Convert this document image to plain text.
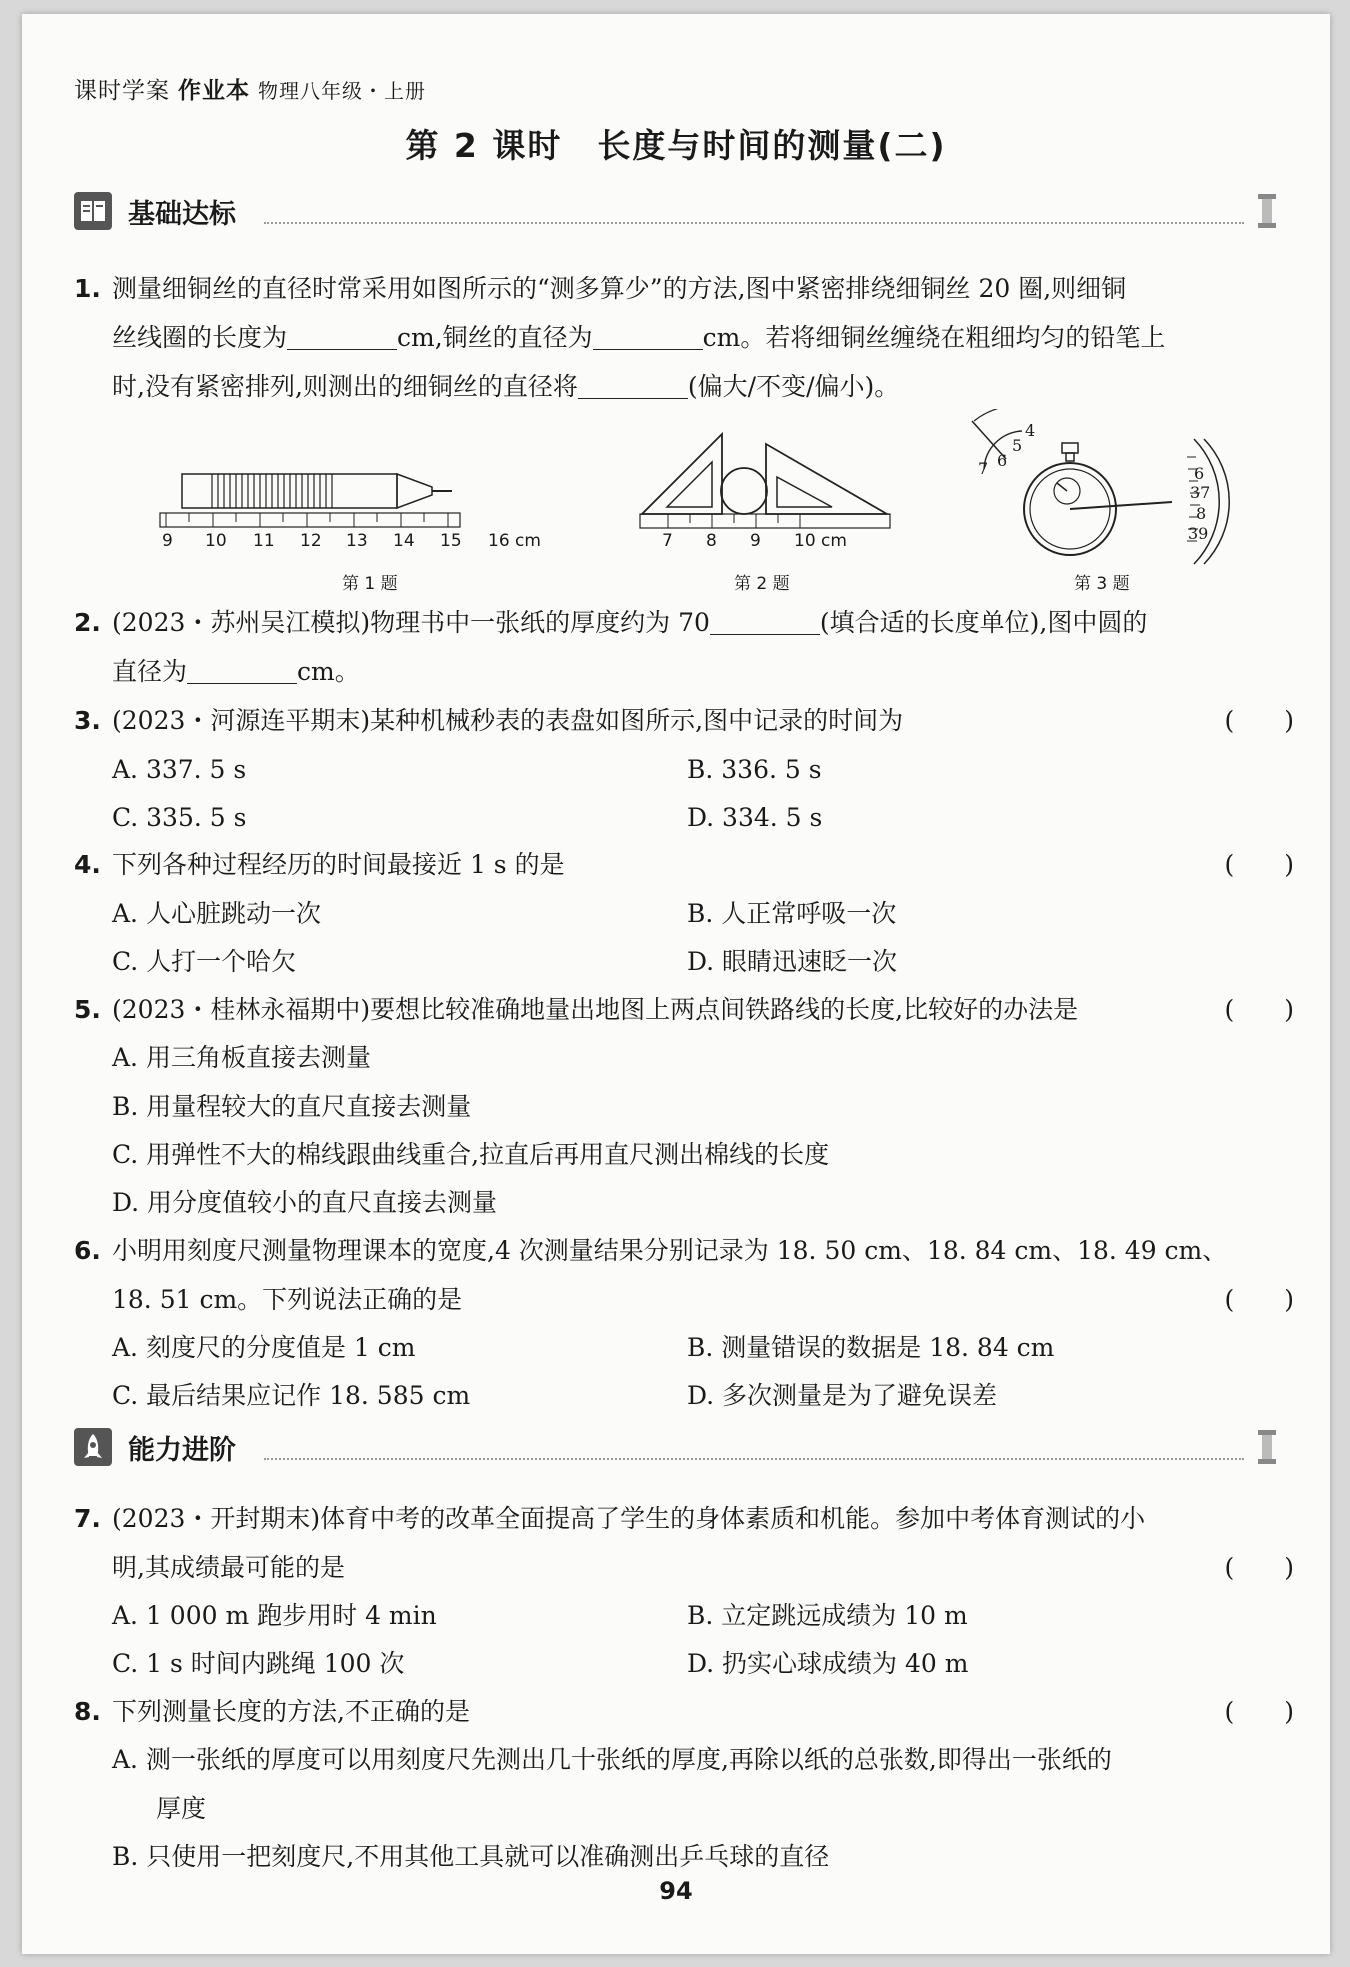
课时学案 作业本 物理八年级・上册
第 2 课时　长度与时间的测量(二)
基础达标
1. 测量细铜丝的直径时常采用如图所示的“测多算少”的方法,图中紧密排绕细铜丝 20 圈,则细铜
丝线圈的长度为	cm,铜丝的直径为	cm。若将细铜丝缠绕在粗细均匀的铅笔上
时,没有紧密排列,则测出的细铜丝的直径将	(偏大/不变/偏小)。
9 10 11 12 13 14 15 16 cm
第 1 题
7 8 9 10 cm
第 2 题
4
5
6
7	6
37
8
39
第 3 题
2. (2023・苏州吴江模拟)物理书中一张纸的厚度约为 70	(填合适的长度单位),图中圆的
直径为	cm。
3. (2023・河源连平期末)某种机械秒表的表盘如图所示,图中记录的时间为	(　　)
A. 337. 5 s	B. 336. 5 s
C. 335. 5 s	D. 334. 5 s
4. 下列各种过程经历的时间最接近 1 s 的是	(　　)
A. 人心脏跳动一次	B. 人正常呼吸一次
C. 人打一个哈欠	D. 眼睛迅速眨一次
5. (2023・桂林永福期中)要想比较准确地量出地图上两点间铁路线的长度,比较好的办法是	(　　)
A. 用三角板直接去测量
B. 用量程较大的直尺直接去测量
C. 用弹性不大的棉线跟曲线重合,拉直后再用直尺测出棉线的长度
D. 用分度值较小的直尺直接去测量
6. 小明用刻度尺测量物理课本的宽度,4 次测量结果分别记录为 18. 50 cm、18. 84 cm、18. 49 cm、
18. 51 cm。下列说法正确的是	(　　)
A. 刻度尺的分度值是 1 cm	B. 测量错误的数据是 18. 84 cm
C. 最后结果应记作 18. 585 cm	D. 多次测量是为了避免误差
能力进阶
7. (2023・开封期末)体育中考的改革全面提高了学生的身体素质和机能。参加中考体育测试的小
明,其成绩最可能的是	(　　)
A. 1 000 m 跑步用时 4 min	B. 立定跳远成绩为 10 m
C. 1 s 时间内跳绳 100 次	D. 扔实心球成绩为 40 m
8. 下列测量长度的方法,不正确的是	(　　)
A. 测一张纸的厚度可以用刻度尺先测出几十张纸的厚度,再除以纸的总张数,即得出一张纸的
厚度
B. 只使用一把刻度尺,不用其他工具就可以准确测出乒乓球的直径
94
